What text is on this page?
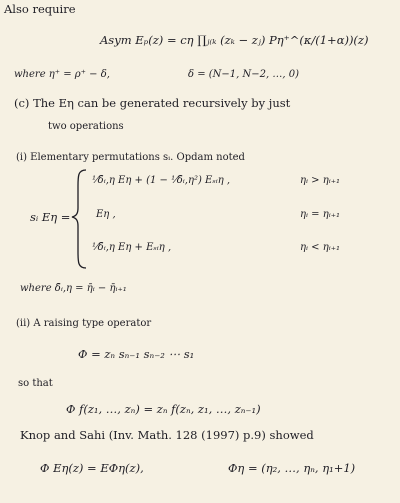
Also require
Asym Eₚ(z) = cη ∏ⱼ₍ₖ (zₖ − zⱼ) Pη⁺^(κ/(1+α))(z)
where η⁺ = ρ⁺ − δ,	δ = (N−1, N−2, …, 0)
(c) The Eη can be generated recursively by just
two operations
(i) Elementary permutations sᵢ. Opdam noted
sᵢ Eη =
¹⁄δ̄ᵢ,η Eη + (1 − ¹⁄δ̄ᵢ,η²) Eₛᵢη ,	ηᵢ > ηᵢ₊₁
Eη ,	ηᵢ = ηᵢ₊₁
¹⁄δ̄ᵢ,η Eη + Eₛᵢη ,	ηᵢ < ηᵢ₊₁
where δ̄ᵢ,η = η̄ᵢ − η̄ᵢ₊₁
(ii) A raising type operator
Φ = zₙ sₙ₋₁ sₙ₋₂ ⋯ s₁
so that
Φ f(z₁, …, zₙ) = zₙ f(zₙ, z₁, …, zₙ₋₁)
Knop and Sahi (Inv. Math. 128 (1997) p.9) showed
Φ Eη(z) = EΦη(z),	Φη = (η₂, …, ηₙ, η₁+1)
